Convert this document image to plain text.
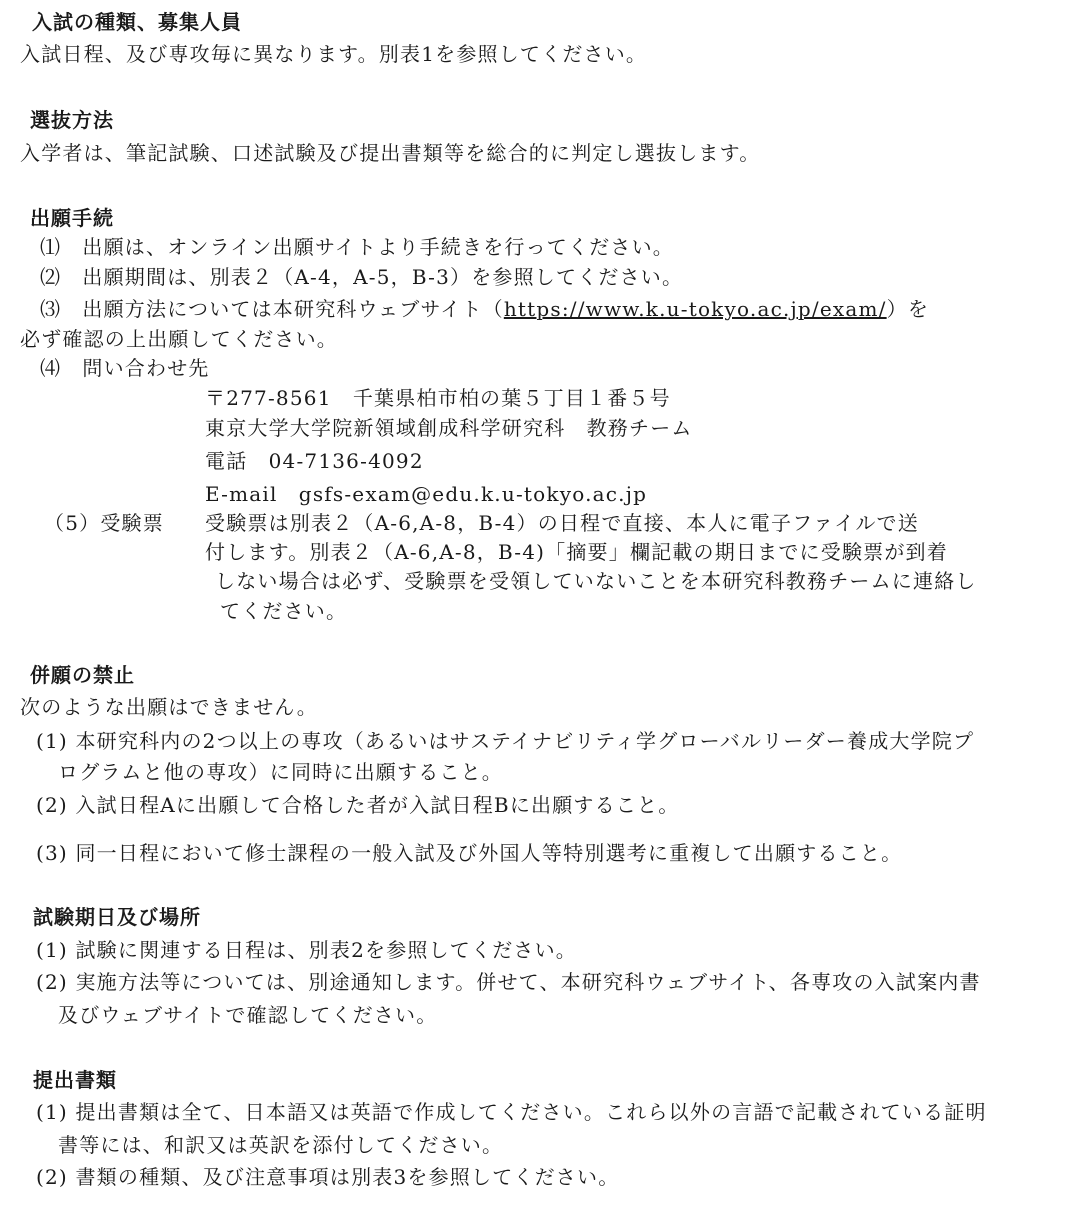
入試の種類、募集人員
入試日程、及び専攻毎に異なります。別表1を参照してください。
選抜方法
入学者は、筆記試験、口述試験及び提出書類等を総合的に判定し選抜します。
出願手続
⑴　出願は、オンライン出願サイトより手続きを行ってください。
⑵　出願期間は、別表２（A-4，A-5，B-3）を参照してください。
⑶　出願方法については本研究科ウェブサイト（https://www.k.u-tokyo.ac.jp/exam/）を
必ず確認の上出願してください。
⑷　問い合わせ先
〒277-8561　千葉県柏市柏の葉５丁目１番５号
東京大学大学院新領域創成科学研究科　教務チーム
電話　04-7136-4092
E-mail　gsfs-exam@edu.k.u-tokyo.ac.jp
（5）受験票 受験票は別表２（A-6,A-8，B-4）の日程で直接、本人に電子ファイルで送
付します。別表２（A-6,A-8，B-4)「摘要」欄記載の期日までに受験票が到着
しない場合は必ず、受験票を受領していないことを本研究科教務チームに連絡し
てください。
併願の禁止
次のような出願はできません。
(1) 本研究科内の2つ以上の専攻（あるいはサステイナビリティ学グローバルリーダー養成大学院プ
ログラムと他の専攻）に同時に出願すること。
(2) 入試日程Aに出願して合格した者が入試日程Bに出願すること。
(3) 同一日程において修士課程の一般入試及び外国人等特別選考に重複して出願すること。
試験期日及び場所
(1) 試験に関連する日程は、別表2を参照してください。
(2) 実施方法等については、別途通知します。併せて、本研究科ウェブサイト、各専攻の入試案内書
及びウェブサイトで確認してください。
提出書類
(1) 提出書類は全て、日本語又は英語で作成してください。これら以外の言語で記載されている証明
書等には、和訳又は英訳を添付してください。
(2) 書類の種類、及び注意事項は別表3を参照してください。
